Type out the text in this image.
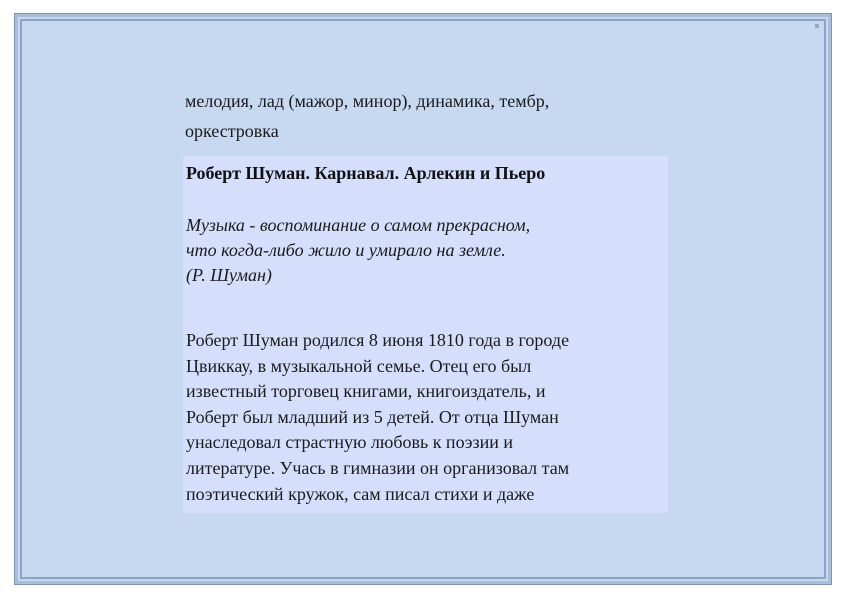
мелодия, лад (мажор, минор), динамика, тембр,
оркестровка
Роберт Шуман. Карнавал. Арлекин и Пьеро
Музыка - воспоминание о самом прекрасном,
что когда-либо жило и умирало на земле.
(Р. Шуман)
Роберт Шуман родился 8 июня 1810 года в городе
Цвиккау, в музыкальной семье. Отец его был
известный торговец книгами, книгоиздатель, и
Роберт был младший из 5 детей. От отца Шуман
унаследовал страстную любовь к поэзии и
литературе. Учась в гимназии он организовал там
поэтический кружок, сам писал стихи и даже
